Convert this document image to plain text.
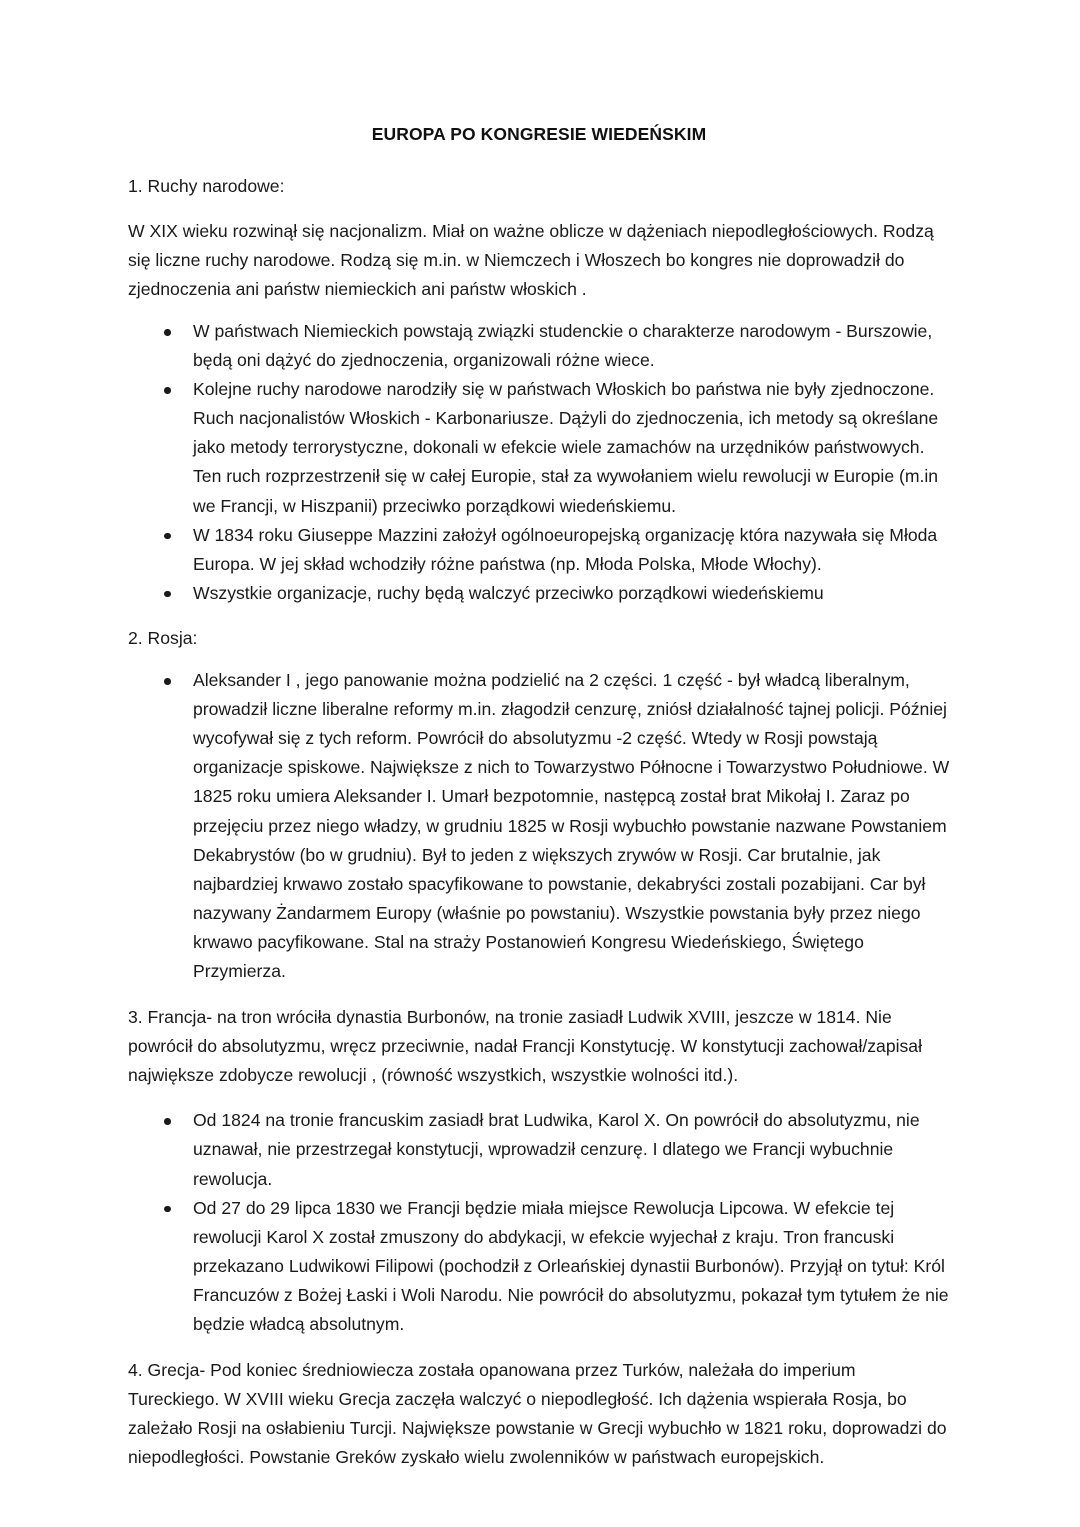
EUROPA PO KONGRESIE WIEDEŃSKIM

1. Ruchy narodowe:

W XIX wieku rozwinął się nacjonalizm. Miał on ważne oblicze w dążeniach niepodległościowych. Rodzą się liczne ruchy narodowe. Rodzą się m.in. w Niemczech i Włoszech bo kongres nie doprowadził do zjednoczenia ani państw niemieckich ani państw włoskich .

W państwach Niemieckich powstają związki studenckie o charakterze narodowym - Burszowie, będą oni dążyć do zjednoczenia, organizowali różne wiece.
Kolejne ruchy narodowe narodziły się w państwach Włoskich bo państwa nie były zjednoczone. Ruch nacjonalistów Włoskich - Karbonariusze. Dążyli do zjednoczenia, ich metody są określane jako metody terrorystyczne, dokonali w efekcie wiele zamachów na urzędników państwowych. Ten ruch rozprzestrzenił się w całej Europie, stał za wywołaniem wielu rewolucji w Europie (m.in we Francji, w Hiszpanii) przeciwko porządkowi wiedeńskiemu.
W 1834 roku Giuseppe Mazzini założył ogólnoeuropejską organizację która nazywała się Młoda Europa. W jej skład wchodziły różne państwa (np. Młoda Polska, Młode Włochy).
Wszystkie organizacje, ruchy będą walczyć przeciwko porządkowi wiedeńskiemu

2. Rosja:

Aleksander I , jego panowanie można podzielić na 2 części. 1 część - był władcą liberalnym, prowadził liczne liberalne reformy m.in. złagodził cenzurę, zniósł działalność tajnej policji. Później wycofywał się z tych reform. Powrócił do absolutyzmu -2 część. Wtedy w Rosji powstają organizacje spiskowe. Największe z nich to Towarzystwo Północne i Towarzystwo Południowe. W 1825 roku umiera Aleksander I. Umarł bezpotomnie, następcą został brat Mikołaj I. Zaraz po przejęciu przez niego władzy, w grudniu 1825 w Rosji wybuchło powstanie nazwane Powstaniem Dekabrystów (bo w grudniu). Był to jeden z większych zrywów w Rosji. Car brutalnie, jak najbardziej krwawo zostało spacyfikowane to powstanie, dekabryści zostali pozabijani. Car był nazywany Żandarmem Europy (właśnie po powstaniu). Wszystkie powstania były przez niego krwawo pacyfikowane. Stal na straży Postanowień Kongresu Wiedeńskiego, Świętego Przymierza.

3. Francja- na tron wróciła dynastia Burbonów, na tronie zasiadł Ludwik XVIII, jeszcze w 1814. Nie powrócił do absolutyzmu, wręcz przeciwnie, nadał Francji Konstytucję. W konstytucji zachował/zapisał największe zdobycze rewolucji , (równość wszystkich, wszystkie wolności itd.).

Od 1824 na tronie francuskim zasiadł brat Ludwika, Karol X. On powrócił do absolutyzmu, nie uznawał, nie przestrzegał konstytucji, wprowadził cenzurę. I dlatego we Francji wybuchnie rewolucja.
Od 27 do 29 lipca 1830 we Francji będzie miała miejsce Rewolucja Lipcowa. W efekcie tej rewolucji Karol X został zmuszony do abdykacji, w efekcie wyjechał z kraju. Tron francuski przekazano Ludwikowi Filipowi (pochodził z Orleańskiej dynastii Burbonów). Przyjął on tytuł: Król Francuzów z Bożej Łaski i Woli Narodu. Nie powrócił do absolutyzmu, pokazał tym tytułem że nie będzie władcą absolutnym.

4. Grecja- Pod koniec średniowiecza została opanowana przez Turków, należała do imperium Tureckiego. W XVIII wieku Grecja zaczęła walczyć o niepodległość. Ich dążenia wspierała Rosja, bo zależało Rosji na osłabieniu Turcji. Największe powstanie w Grecji wybuchło w 1821 roku, doprowadzi do niepodległości. Powstanie Greków zyskało wielu zwolenników w państwach europejskich.
